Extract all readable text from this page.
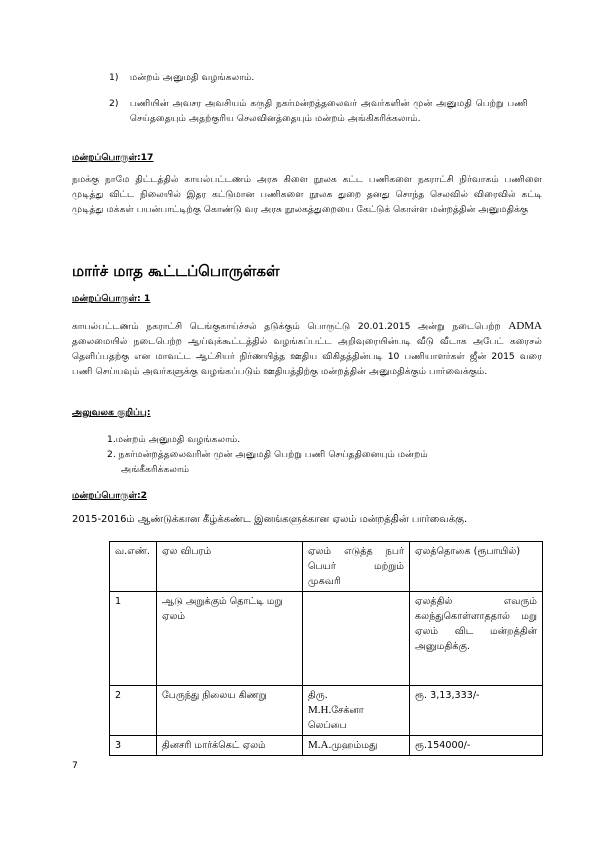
1) மன்றம் அனுமதி வழங்கலாம்.
2) பணியின் அவசர அவசியம் கருதி நகர்மன்றத்தலைவர் அவர்களின் முன் அனுமதி பெற்று பணி செய்ததையும் அதற்குரிய செலவினத்தையும் மன்றம் அங்கிகரிக்கலாம்.
மன்றப்பொருள்:17
நமக்கு நாமே திட்டத்தில் காயல்பட்டணம் அரசு கிளை நூலக கட்ட பணிகளை நகராட்சி நிர்வாகம் பணிளை முடித்து விட்ட நிலையில் இதர கட்டுமான பணிகளை நூலக துறை தனது சொந்த செலவில் விரைவில் கட்டி முடித்து மக்கள் பயன்பாட்டிற்கு கொண்டு வர அரசு நூலகத்துறையை கேட்டுக் கொள்ள மன்றத்தின் அனுமதிக்கு
மார்ச் மாத கூட்டப்பொருள்கள்
மன்றப்பொருள்: 1
காயல்பட்டணம் நகராட்சி டெங்குகாய்ச்சல் தடுக்கும் பொருட்டு 20.01.2015 அன்று நடைபெற்ற ADMA தலைமையில் நடைபெற்ற ஆய்வுக்கூட்டத்தில் வழங்கப்பட்ட அறிவுரையின்படி வீடு வீடாக அபேட் கரைசல் தெளிப்பதற்கு என மாவட்ட ஆட்சியர் நிர்ணயித்த ஊதிய விகிதத்தின்படி 10 பணியாளர்கள் ஜீன் 2015 வரை பணி செய்யவும் அவர்களுக்கு வழங்கப்படும் ஊதியத்திற்கு மன்றத்தின் அனுமதிக்கும் பார்வைக்கும்.
அலுவலக குறிப்பு:
1.மன்றம் அனுமதி வழங்கலாம்.
2. நகர்மன்றத்தலைவரின் முன் அனுமதி பெற்று பணி செய்ததினையும் மன்றம்
அங்கீகரிக்கலாம்
மன்றப்பொருள்:2
2015-2016ம் ஆண்டுக்கான கீழ்க்கண்ட இனங்களுக்கான ஏலம் மன்றத்தின் பார்வைக்கு.
வ.எண்.	ஏல விபரம்	ஏலம் எடுத்த நபர் பெயர் மற்றும் முகவரி	ஏலத்தொகை (ரூபாயில்)
1	ஆடு அறுக்கும் தொட்டி மறு ஏலம்		ஏலத்தில் எவரும் கலந்துகொள்ளாததால் மறு ஏலம் விட மன்றத்தின் அனுமதிக்கு.
2	பேருந்து நிலைய கிணறு	திரு.
M.H.சேக்னா லெப்பை	ரூ. 3,13,333/-
3	தினசரி மார்க்கெட் ஏலம்	M.A.முஹம்மது	ரூ.154000/-
7
